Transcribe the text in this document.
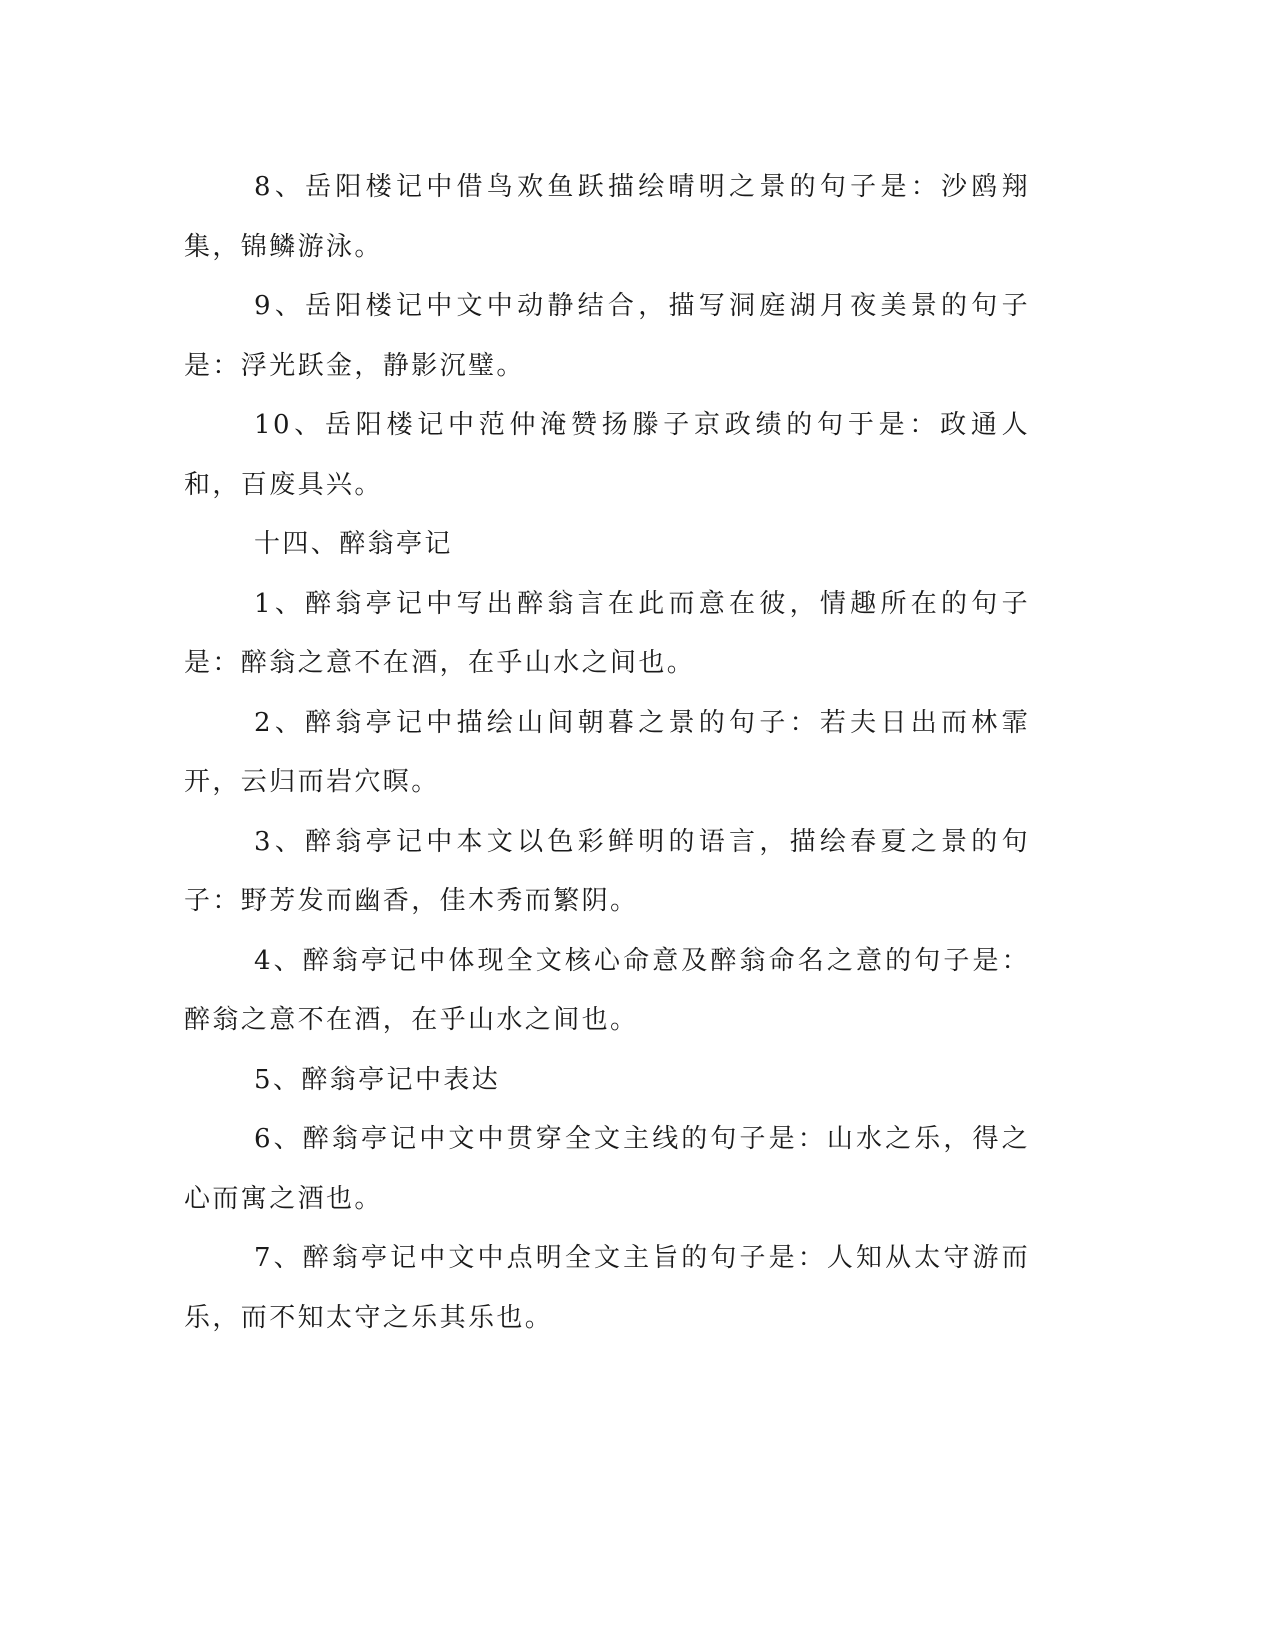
8、岳阳楼记中借鸟欢鱼跃描绘晴明之景的句子是：沙鸥翔集，锦鳞游泳。

9、岳阳楼记中文中动静结合，描写洞庭湖月夜美景的句子是：浮光跃金，静影沉璧。

10、岳阳楼记中范仲淹赞扬滕子京政绩的句于是：政通人和，百废具兴。

十四、醉翁亭记

1、醉翁亭记中写出醉翁言在此而意在彼，情趣所在的句子是：醉翁之意不在酒，在乎山水之间也。

2、醉翁亭记中描绘山间朝暮之景的句子：若夫日出而林霏开，云归而岩穴暝。

3、醉翁亭记中本文以色彩鲜明的语言，描绘春夏之景的句子：野芳发而幽香，佳木秀而繁阴。

4、醉翁亭记中体现全文核心命意及醉翁命名之意的句子是：醉翁之意不在酒，在乎山水之间也。

5、醉翁亭记中表达

6、醉翁亭记中文中贯穿全文主线的句子是：山水之乐，得之心而寓之酒也。

7、醉翁亭记中文中点明全文主旨的句子是：人知从太守游而乐，而不知太守之乐其乐也。
